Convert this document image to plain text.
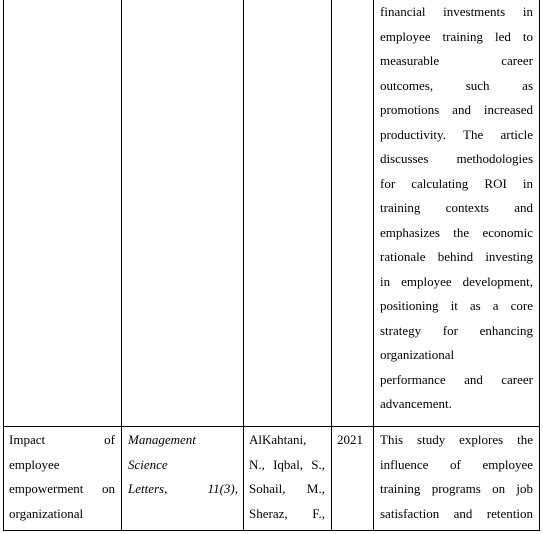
financial investments in
employee training led to
measurable career
outcomes, such as
promotions and increased
productivity. The article
discusses methodologies
for calculating ROI in
training contexts and
emphasizes the economic
rationale behind investing
in employee development,
positioning it as a core
strategy for enhancing
organizational
performance and career
advancement.
Impact of
employee
empowerment on
organizational
Management
Science
Letters, 11(3),
AlKahtani,
N., Iqbal, S.,
Sohail, M.,
Sheraz, F.,
2021	This study explores the
influence of employee
training programs on job
satisfaction and retention
